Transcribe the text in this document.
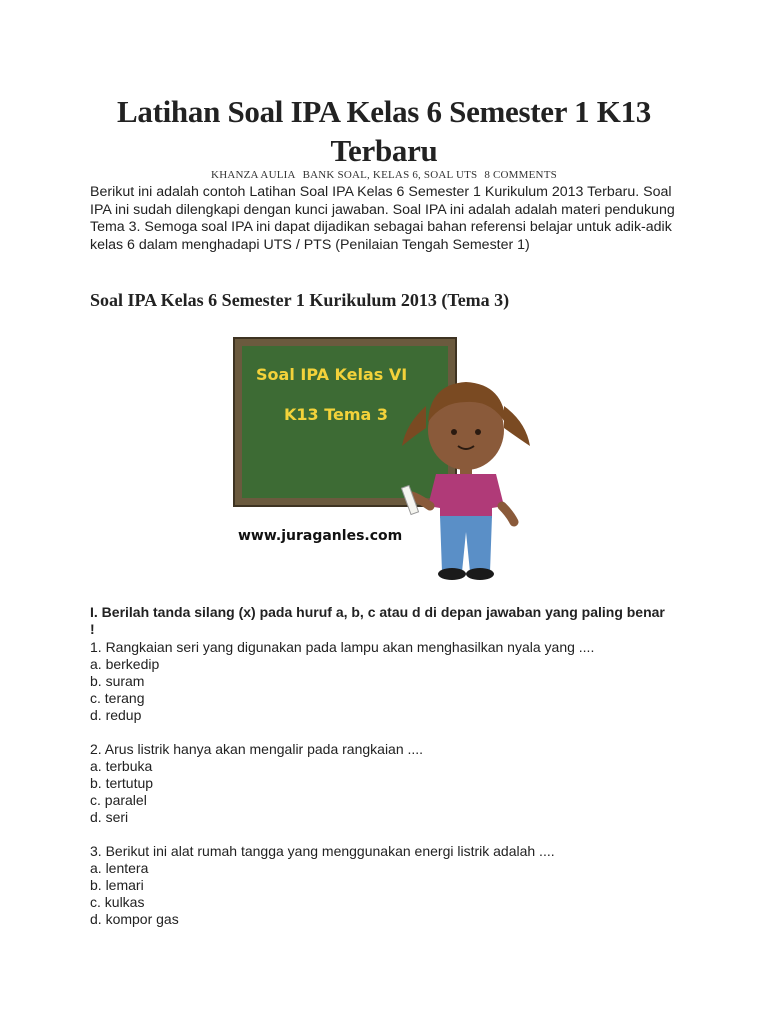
Latihan Soal IPA Kelas 6 Semester 1 K13
Terbaru
KHANZA AULIA BANK SOAL, KELAS 6, SOAL UTS 8 COMMENTS

Berikut ini adalah contoh Latihan Soal IPA Kelas 6 Semester 1 Kurikulum 2013 Terbaru. Soal IPA ini sudah dilengkapi dengan kunci jawaban. Soal IPA ini adalah adalah materi pendukung Tema 3. Semoga soal IPA ini dapat dijadikan sebagai bahan referensi belajar untuk adik-adik kelas 6 dalam menghadapi UTS / PTS (Penilaian Tengah Semester 1)

Soal IPA Kelas 6 Semester 1 Kurikulum 2013 (Tema 3)
Soal IPA Kelas VI
K13 Tema 3
www.juraganles.com

I. Berilah tanda silang (x) pada huruf a, b, c atau d di depan jawaban yang paling benar !

1. Rangkaian seri yang digunakan pada lampu akan menghasilkan nyala yang ....
a. berkedip
b. suram
c. terang
d. redup
2. Arus listrik hanya akan mengalir pada rangkaian ....
a. terbuka
b. tertutup
c. paralel
d. seri
3. Berikut ini alat rumah tangga yang menggunakan energi listrik adalah ....
a. lentera
b. lemari
c. kulkas
d. kompor gas
